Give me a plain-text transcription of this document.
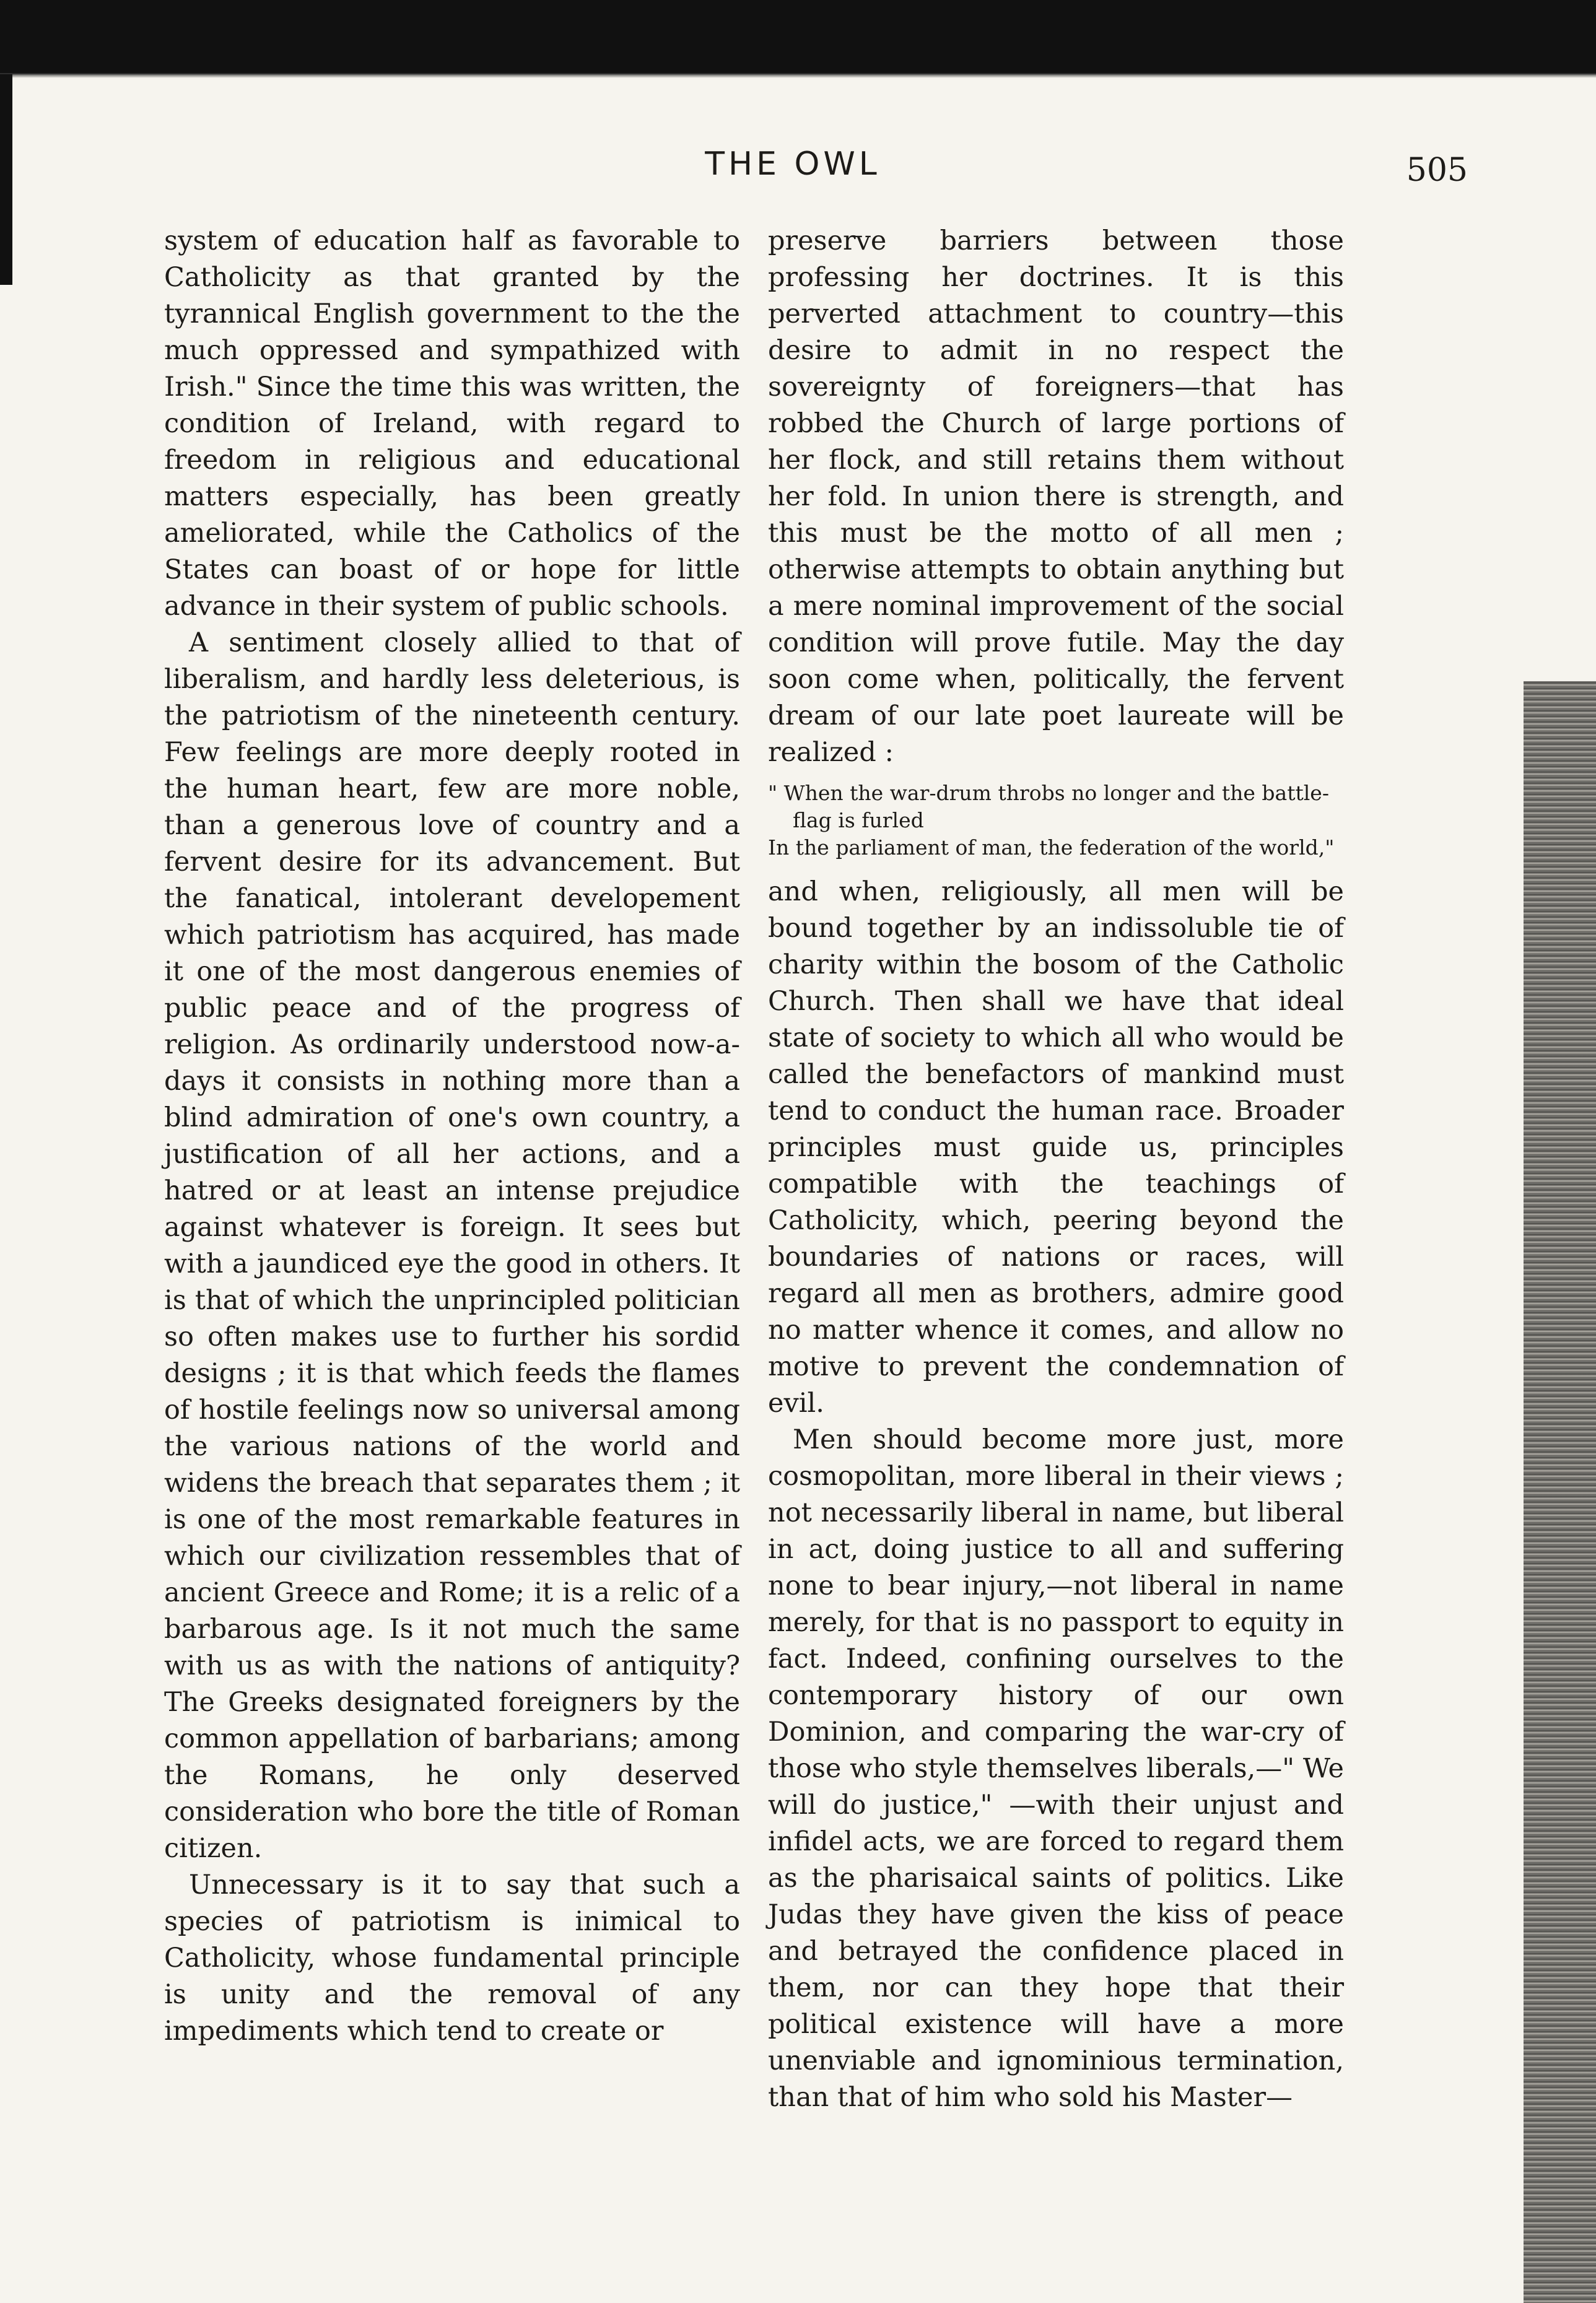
THE OWL	505

system of education half as favorable to Catholicity as that granted by the tyrannical English government to the the much oppressed and sympathized with Irish." Since the time this was written, the condition of Ireland, with regard to freedom in religious and educational matters especially, has been greatly ameliorated, while the Catholics of the States can boast of or hope for little advance in their system of public schools.

A sentiment closely allied to that of liberalism, and hardly less deleterious, is the patriotism of the nineteenth century. Few feelings are more deeply rooted in the human heart, few are more noble, than a generous love of country and a fervent desire for its advancement. But the fanatical, intolerant developement which patriotism has acquired, has made it one of the most dangerous enemies of public peace and of the progress of religion. As ordinarily understood now-a-days it consists in nothing more than a blind admiration of one's own country, a justification of all her actions, and a hatred or at least an intense prejudice against whatever is foreign. It sees but with a jaundiced eye the good in others. It is that of which the unprincipled politician so often makes use to further his sordid designs ; it is that which feeds the flames of hostile feelings now so universal among the various nations of the world and widens the breach that separates them ; it is one of the most remarkable features in which our civilization ressembles that of ancient Greece and Rome; it is a relic of a barbarous age. Is it not much the same with us as with the nations of antiquity? The Greeks designated foreigners by the common appellation of barbarians; among the Romans, he only deserved consideration who bore the title of Roman citizen.

Unnecessary is it to say that such a species of patriotism is inimical to Catholicity, whose fundamental principle is unity and the removal of any impediments which tend to create or

preserve barriers between those professing her doctrines. It is this perverted attachment to country—this desire to admit in no respect the sovereignty of foreigners—that has robbed the Church of large portions of her flock, and still retains them without her fold. In union there is strength, and this must be the motto of all men ; otherwise attempts to obtain anything but a mere nominal improvement of the social condition will prove futile. May the day soon come when, politically, the fervent dream of our late poet laureate will be realized :

" When the war-drum throbs no longer and the battle-flag is furled
In the parliament of man, the federation of the world,"

and when, religiously, all men will be bound together by an indissoluble tie of charity within the bosom of the Catholic Church. Then shall we have that ideal state of society to which all who would be called the benefactors of mankind must tend to conduct the human race. Broader principles must guide us, principles compatible with the teachings of Catholicity, which, peering beyond the boundaries of nations or races, will regard all men as brothers, admire good no matter whence it comes, and allow no motive to prevent the condemnation of evil.

Men should become more just, more cosmopolitan, more liberal in their views ; not necessarily liberal in name, but liberal in act, doing justice to all and suffering none to bear injury,—not liberal in name merely, for that is no passport to equity in fact. Indeed, confining ourselves to the contemporary history of our own Dominion, and comparing the war-cry of those who style themselves liberals,—" We will do justice," —with their unjust and infidel acts, we are forced to regard them as the pharisaical saints of politics. Like Judas they have given the kiss of peace and betrayed the confidence placed in them, nor can they hope that their political existence will have a more unenviable and ignominious termination, than that of him who sold his Master—
